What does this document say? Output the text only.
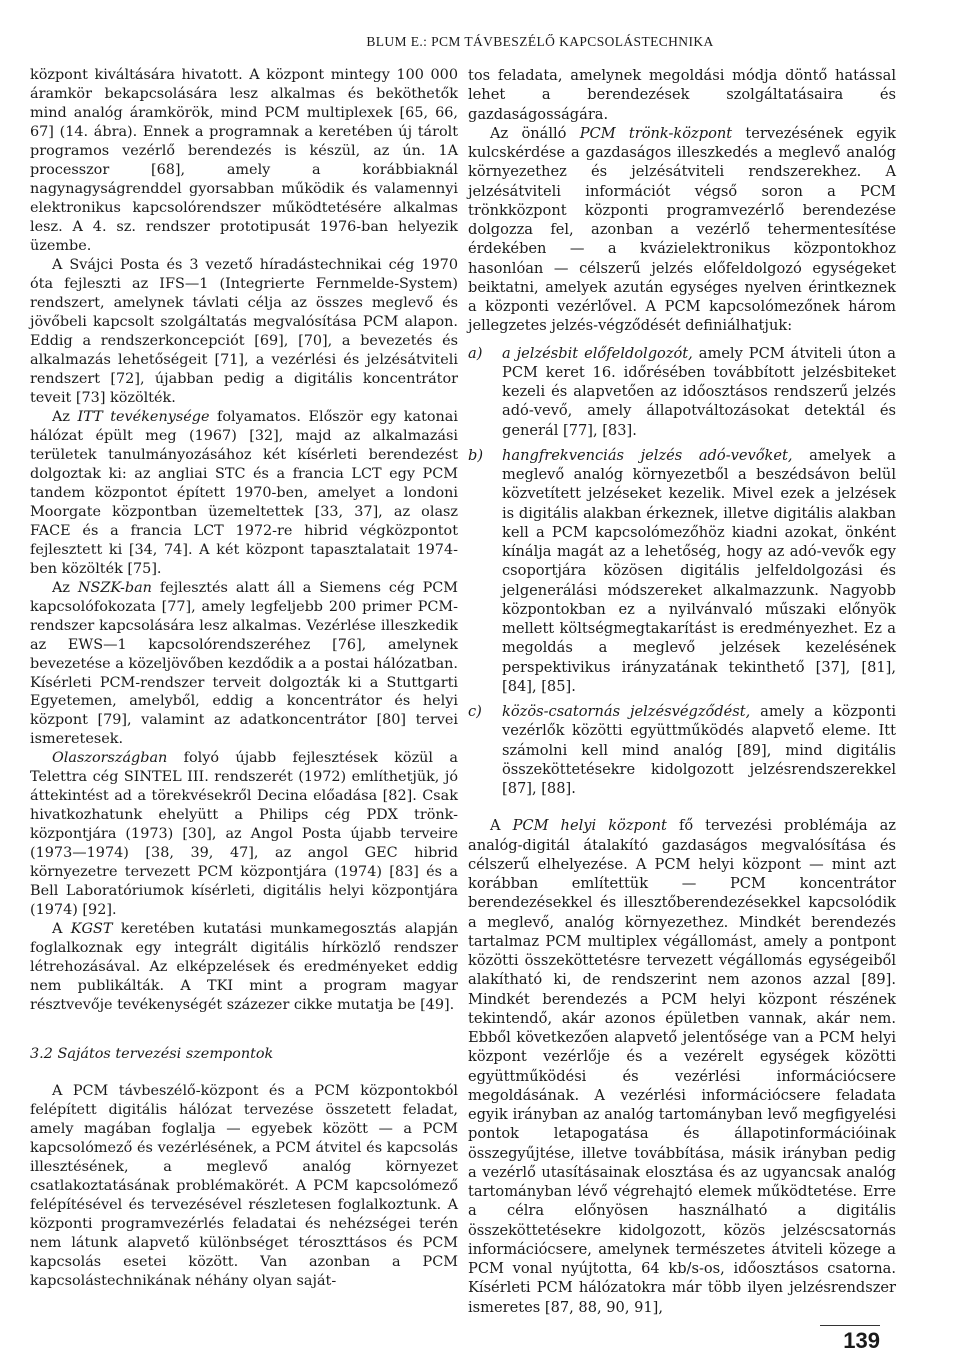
BLUM E.: PCM TÁVBESZÉLŐ KAPCSOLÁSTECHNIKA

központ kiváltására hivatott. A központ mintegy 100 000 áramkör bekapcsolására lesz alkalmas és beköthetők mind analóg áramkörök, mind PCM multiplexek [65, 66, 67] (14. ábra). Ennek a programnak a keretében új tárolt programos vezérlő berendezés is készül, az ún. 1A processzor [68], amely a korábbiaknál nagynagyságrenddel gyorsabban működik és valamennyi elektronikus kapcsolórendszer működtetésére alkalmas lesz. A 4. sz. rendszer prototipusát 1976-ban helyezik üzembe.

A Svájci Posta és 3 vezető híradástechnikai cég 1970 óta fejleszti az IFS—1 (Integrierte Fernmelde-System) rendszert, amelynek távlati célja az összes meglevő és jövőbeli kapcsolt szolgáltatás megvalósítása PCM alapon. Eddig a rendszerkoncepciót [69], [70], a bevezetés és alkalmazás lehetőségeit [71], a vezérlési és jelzésátviteli rendszert [72], újabban pedig a digitális koncentrátor teveit [73] közölték.

Az ITT tevékenysége folyamatos. Először egy katonai hálózat épült meg (1967) [32], majd az alkalmazási területek tanulmányozásához két kísérleti berendezést dolgoztak ki: az angliai STC és a francia LCT egy PCM tandem központot épített 1970-ben, amelyet a londoni Moorgate központban üzemeltettek [33, 37], az olasz FACE és a francia LCT 1972-re hibrid végközpontot fejlesztett ki [34, 74]. A két központ tapasztalatait 1974-ben közölték [75].

Az NSZK-ban fejlesztés alatt áll a Siemens cég PCM kapcsolófokozata [77], amely legfeljebb 200 primer PCM-rendszer kapcsolására lesz alkalmas. Vezérlése illeszkedik az EWS—1 kapcsolórendszeréhez [76], amelynek bevezetése a közeljövőben kezdődik a a postai hálózatban. Kísérleti PCM-rendszer terveit dolgozták ki a Stuttgarti Egyetemen, amelyből, eddig a koncentrátor és helyi központ [79], valamint az adatkoncentrátor [80] tervei ismeretesek.

Olaszországban folyó újabb fejlesztések közül a Telettra cég SINTEL III. rendszerét (1972) említhetjük, jó áttekintést ad a törekvésekről Decina előadása [82]. Csak hivatkozhatunk ehelyütt a Philips cég PDX trönk-központjára (1973) [30], az Angol Posta újabb terveire (1973—1974) [38, 39, 47], az angol GEC hibrid környezetre tervezett PCM központjára (1974) [83] és a Bell Laboratóriumok kísérleti, digitális helyi központjára (1974) [92].

A KGST keretében kutatási munkamegosztás alapján foglalkoznak egy integrált digitális hírközlő rendszer létrehozásával. Az elképzelések és eredményeket eddig nem publikálták. A TKI mint a program magyar résztvevője tevékenységét százezer cikke mutatja be [49].

3.2 Sajátos tervezési szempontok

A PCM távbeszélő-központ és a PCM központokból felépített digitális hálózat tervezése összetett feladat, amely magában foglalja — egyebek között — a PCM kapcsolómező és vezérlésének, a PCM átvitel és kapcsolás illesztésének, a meglevő analóg környezet csatlakoztatásának problémakörét. A PCM kapcsolómező felépítésével és tervezésével részletesen foglalkoztunk. A központi programvezérlés feladatai és nehézségei terén nem látunk alapvető különbséget téroszttásos és PCM kapcsolás esetei között. Van azonban a PCM kapcsolástechnikának néhány olyan saját-

tos feladata, amelynek megoldási módja döntő hatással lehet a berendezések szolgáltatásaira és gazdaságosságára.

Az önálló PCM trönk-központ tervezésének egyik kulcskérdése a gazdaságos illeszkedés a meglevő analóg környezethez és jelzésátviteli rendszerekhez. A jelzésátviteli információt végső soron a PCM trönkközpont központi programvezérlő berendezése dolgozza fel, azonban a vezérlő tehermentesítése érdekében — a kvázielektronikus központokhoz hasonlóan — célszerű jelzés előfeldolgozó egységeket beiktatni, amelyek azután egységes nyelven érintkeznek a központi vezérlővel. A PCM kapcsolómezőnek három jellegzetes jelzés-végződését definiálhatjuk:

a) a jelzésbit előfeldolgozót, amely PCM átviteli úton a PCM keret 16. időrésében továbbított jelzésbiteket kezeli és alapvetően az időosztásos rendszerű jelzés adó-vevő, amely állapotváltozásokat detektál és generál [77], [83].
b) hangfrekvenciás jelzés adó-vevőket, amelyek a meglevő analóg környezetből a beszédsávon belül közvetített jelzéseket kezelik. Mivel ezek a jelzések is digitális alakban érkeznek, illetve digitális alakban kell a PCM kapcsolómezőhöz kiadni azokat, önként kínálja magát az a lehetőség, hogy az adó-vevők egy csoportjára közösen digitális jelfeldolgozási és jelgenerálási módszereket alkalmazzunk. Nagyobb központokban ez a nyilvánvaló műszaki előnyök mellett költségmegtakarítást is eredményezhet. Ez a megoldás a meglevő jelzések kezelésének perspektivikus irányzatának tekinthető [37], [81], [84], [85].
c) közös-csatornás jelzésvégződést, amely a központi vezérlők közötti együttműködés alapvető eleme. Itt számolni kell mind analóg [89], mind digitális összeköttetésekre kidolgozott jelzésrendszerekkel [87], [88].

A PCM helyi központ fő tervezési problémája az analóg-digitál átalakító gazdaságos megvalósítása és célszerű elhelyezése. A PCM helyi központ — mint azt korábban említettük — PCM koncentrátor berendezésekkel és illesztőberendezésekkel kapcsolódik a meglevő, analóg környezethez. Mindkét berendezés tartalmaz PCM multiplex végállomást, amely a pontpont közötti összeköttetésre tervezett végállomás egységeiből alakítható ki, de rendszerint nem azonos azzal [89]. Mindkét berendezés a PCM helyi központ részének tekintendő, akár azonos épületben vannak, akár nem. Ebből következően alapvető jelentősége van a PCM helyi központ vezérlője és a vezérelt egységek közötti együttműködési és vezérlési információcsere megoldásának. A vezérlési információcsere feladata egyik irányban az analóg tartományban levő megfigyelési pontok letapogatása és állapotinformációinak összegyűjtése, illetve továbbítása, másik irányban pedig a vezérlő utasításainak elosztása és az ugyancsak analóg tartományban lévő végrehajtó elemek működtetése. Erre a célra előnyösen használható a digitális összeköttetésekre kidolgozott, közös jelzéscsatornás információcsere, amelynek természetes átviteli közege a PCM vonal nyújtotta, 64 kb/s-os, időosztásos csatorna. Kísérleti PCM hálózatokra már több ilyen jelzésrendszer ismeretes [87, 88, 90, 91],

139
